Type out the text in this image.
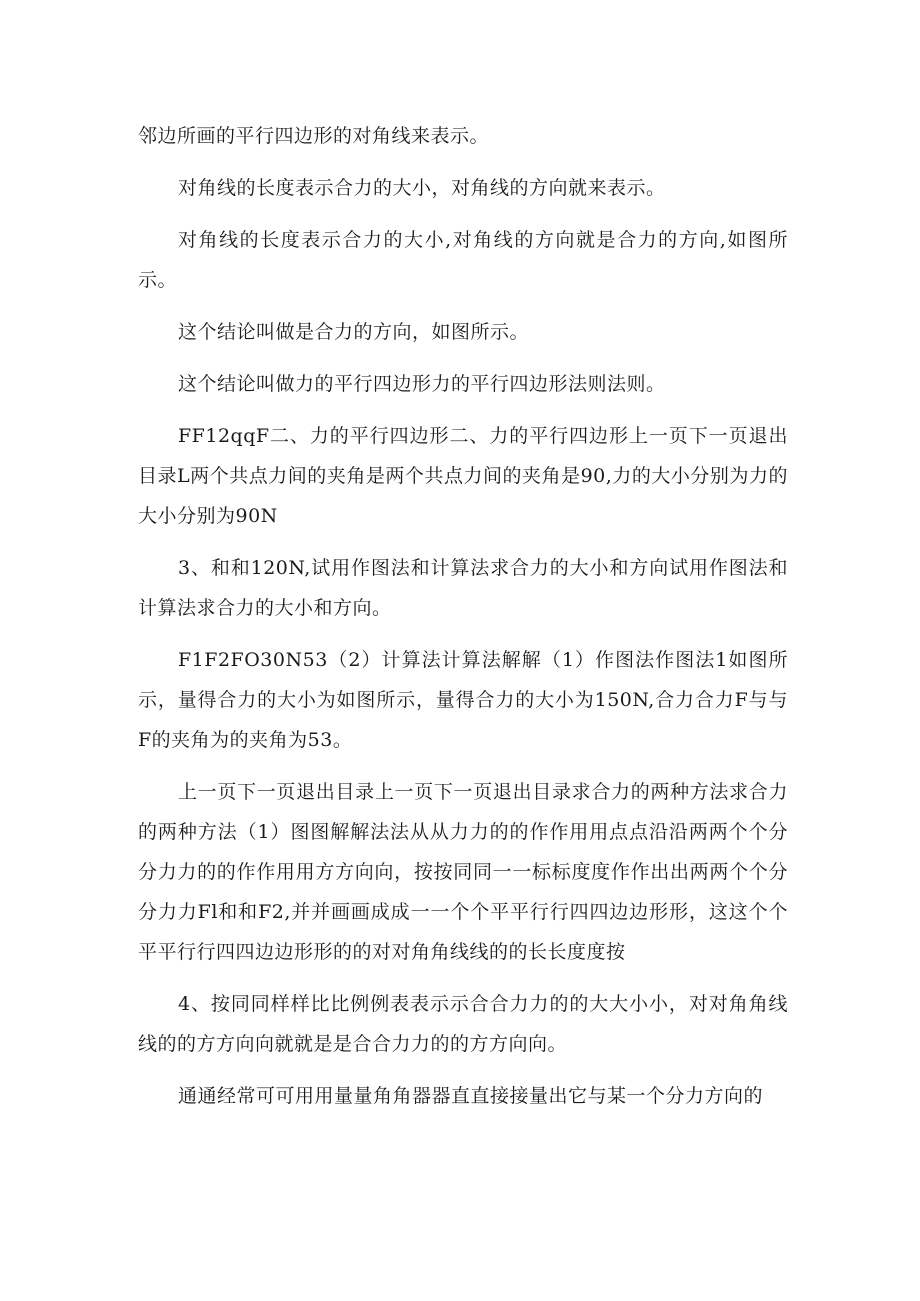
邻边所画的平行四边形的对角线来表示。

对角线的长度表示合力的大小，对角线的方向就来表示。

对角线的长度表示合力的大小,对角线的方向就是合力的方向,如图所示。

这个结论叫做是合力的方向，如图所示。

这个结论叫做力的平行四边形力的平行四边形法则法则。

FF12qqF二、力的平行四边形二、力的平行四边形上一页下一页退出目录L两个共点力间的夹角是两个共点力间的夹角是90,力的大小分别为力的大小分别为90N

3、和和120N,试用作图法和计算法求合力的大小和方向试用作图法和计算法求合力的大小和方向。

F1F2FO30N53（2）计算法计算法解解（1）作图法作图法1如图所示，量得合力的大小为如图所示，量得合力的大小为150N,合力合力F与与F的夹角为的夹角为53。

上一页下一页退出目录上一页下一页退出目录求合力的两种方法求合力的两种方法（1）图图解解法法从从力力的的作作用用点点沿沿两两个个分分力力的的作作用用方方向向，按按同同一一标标度度作作出出两两个个分分力力Fl和和F2,并并画画成成一一个个平平行行四四边边形形，这这个个平平行行四四边边形形的的对对角角线线的的长长度度按

4、按同同样样比比例例表表示示合合力力的的大大小小，对对角角线线的的方方向向就就是是合合力力的的方方向向。

通通经常可可用用量量角角器器直直接接量出它与某一个分力方向的
